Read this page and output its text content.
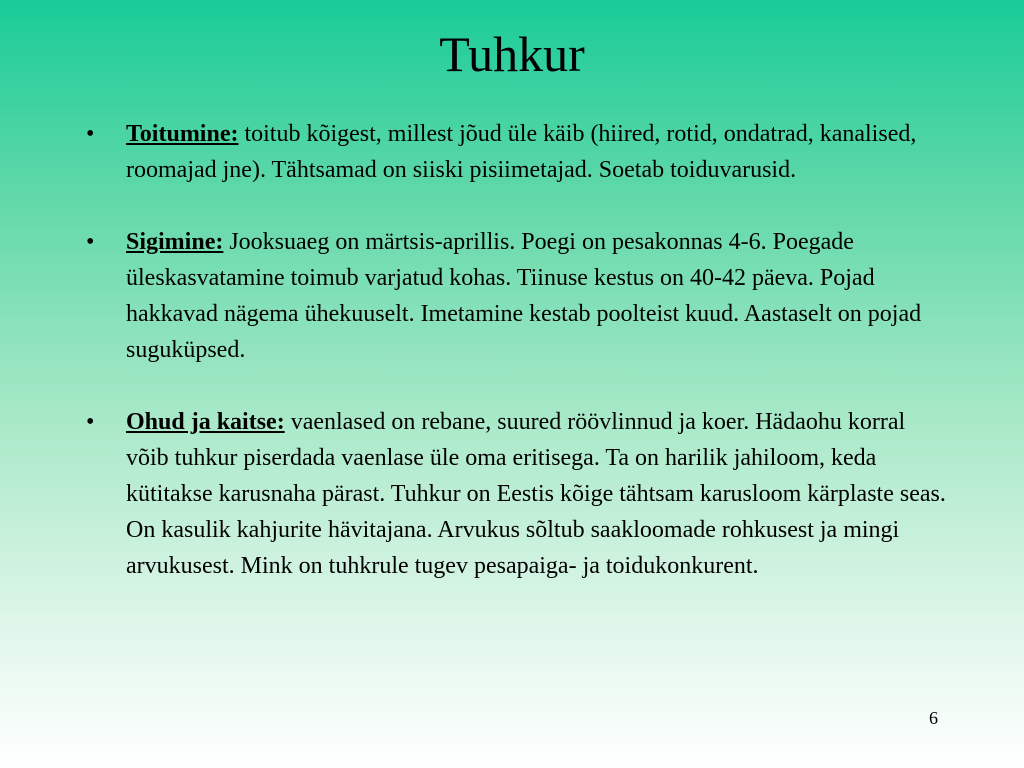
Tuhkur
• Toitumine: toitub kõigest, millest jõud üle käib (hiired, rotid, ondatrad, kanalised, roomajad jne). Tähtsamad on siiski pisiimetajad. Soetab toiduvarusid.
• Sigimine: Jooksuaeg on märtsis-aprillis. Poegi on pesakonnas 4-6. Poegade üleskasvatamine toimub varjatud kohas. Tiinuse kestus on 40-42 päeva. Pojad hakkavad nägema ühekuuselt. Imetamine kestab poolteist kuud. Aastaselt on pojad suguküpsed.
• Ohud ja kaitse: vaenlased on rebane, suured röövlinnud ja koer. Hädaohu korral võib tuhkur piserdada vaenlase üle oma eritisega. Ta on harilik jahiloom, keda kütitakse karusnaha pärast. Tuhkur on Eestis kõige tähtsam karusloom kärplaste seas. On kasulik kahjurite hävitajana. Arvukus sõltub saakloomade rohkusest ja mingi arvukusest. Mink on tuhkrule tugev pesapaiga- ja toidukonkurent.
6
